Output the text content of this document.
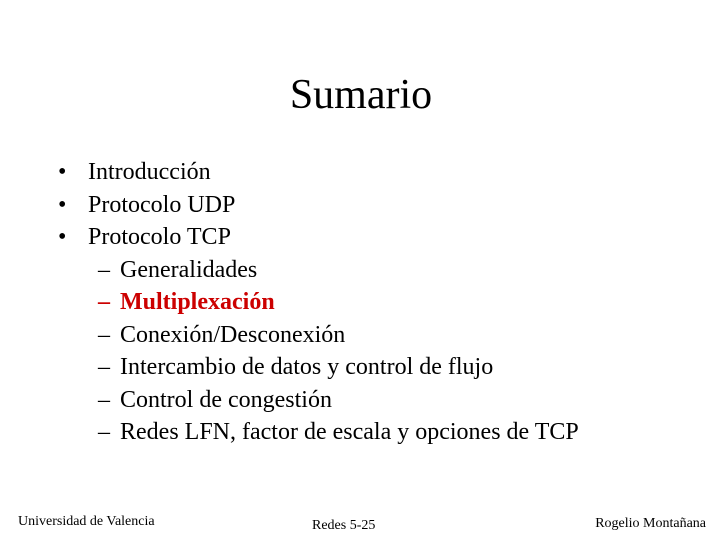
Sumario
• Introducción
• Protocolo UDP
• Protocolo TCP
– Generalidades
– Multiplexación
– Conexión/Desconexión
– Intercambio de datos y control de flujo
– Control de congestión
– Redes LFN, factor de escala y opciones de TCP
Universidad de Valencia	Redes 5-25	Rogelio Montañana
